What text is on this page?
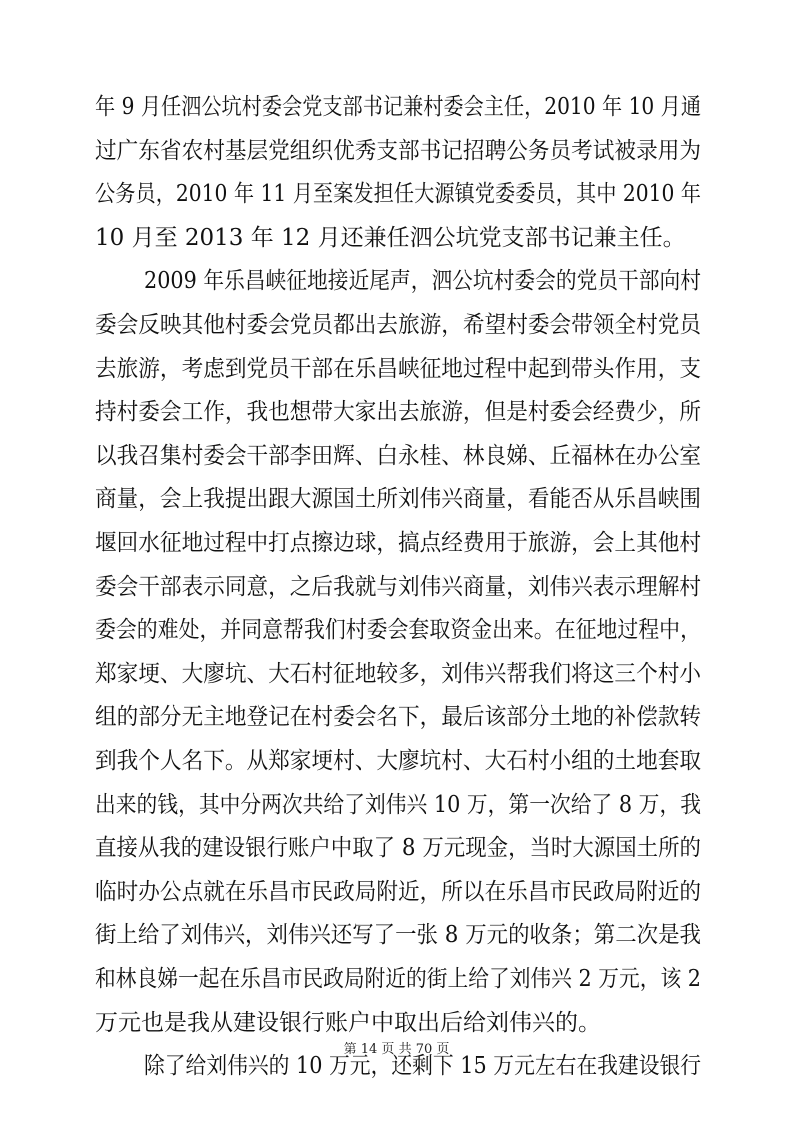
年 9 月任泗公坑村委会党支部书记兼村委会主任，2010 年 10 月通
过广东省农村基层党组织优秀支部书记招聘公务员考试被录用为
公务员，2010 年 11 月至案发担任大源镇党委委员，其中 2010 年
10 月至 2013 年 12 月还兼任泗公坑党支部书记兼主任。
2009 年乐昌峡征地接近尾声，泗公坑村委会的党员干部向村
委会反映其他村委会党员都出去旅游，希望村委会带领全村党员
去旅游，考虑到党员干部在乐昌峡征地过程中起到带头作用，支
持村委会工作，我也想带大家出去旅游，但是村委会经费少，所
以我召集村委会干部李田辉、白永桂、林良娣、丘福林在办公室
商量，会上我提出跟大源国土所刘伟兴商量，看能否从乐昌峡围
堰回水征地过程中打点擦边球，搞点经费用于旅游，会上其他村
委会干部表示同意，之后我就与刘伟兴商量，刘伟兴表示理解村
委会的难处，并同意帮我们村委会套取资金出来。在征地过程中，
郑家埂、大廖坑、大石村征地较多，刘伟兴帮我们将这三个村小
组的部分无主地登记在村委会名下，最后该部分土地的补偿款转
到我个人名下。从郑家埂村、大廖坑村、大石村小组的土地套取
出来的钱，其中分两次共给了刘伟兴 10 万，第一次给了 8 万，我
直接从我的建设银行账户中取了 8 万元现金，当时大源国土所的
临时办公点就在乐昌市民政局附近，所以在乐昌市民政局附近的
街上给了刘伟兴，刘伟兴还写了一张 8 万元的收条；第二次是我
和林良娣一起在乐昌市民政局附近的街上给了刘伟兴 2 万元，该 2
万元也是我从建设银行账户中取出后给刘伟兴的。
除了给刘伟兴的 10 万元，还剩下 15 万元左右在我建设银行
第 14 页 共 70 页
